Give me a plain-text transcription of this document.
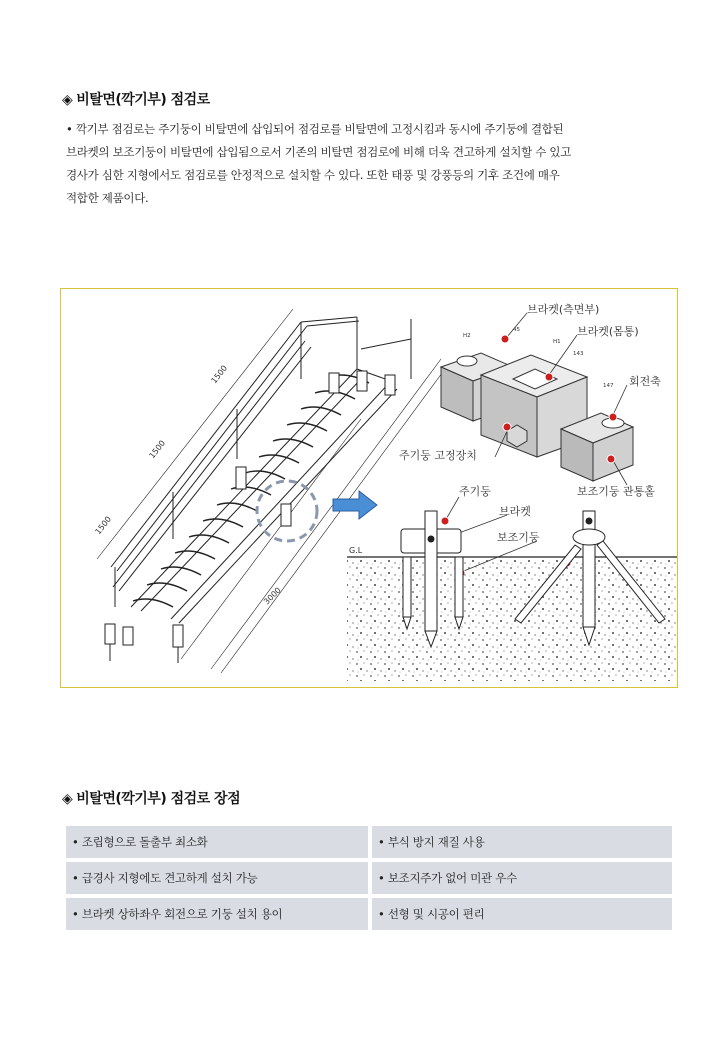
◈ 비탈면(깍기부) 점검로
• 깍기부 점검로는 주기둥이 비탈면에 삽입되어 점검로를 비탈면에 고정시킴과 동시에 주기둥에 결합된
브라켓의 보조기둥이 비탈면에 삽입됨으로서 기존의 비탈면 점검로에 비해 더욱 견고하게 설치할 수 있고
경사가 심한 지형에서도 점검로를 안정적으로 설치할 수 있다. 또한 태풍 및 강풍등의 기후 조건에 매우
적합한 제품이다.
1500
1500
1500
3000
H2
45
H1
143
147
브라켓(측면부)
브라켓(몸통)
회전축
주기둥 고정장치
보조기둥 관통홀
주기둥
브라켓
보조기둥
G.L
◈ 비탈면(깍기부) 점검로 장점
• 조립형으로 돌출부 최소화	• 부식 방지 재질 사용
• 급경사 지형에도 견고하게 설치 가능	• 보조지주가 없어 미관 우수
• 브라켓 상하좌우 회전으로 기둥 설치 용이	• 선형 및 시공이 편리
